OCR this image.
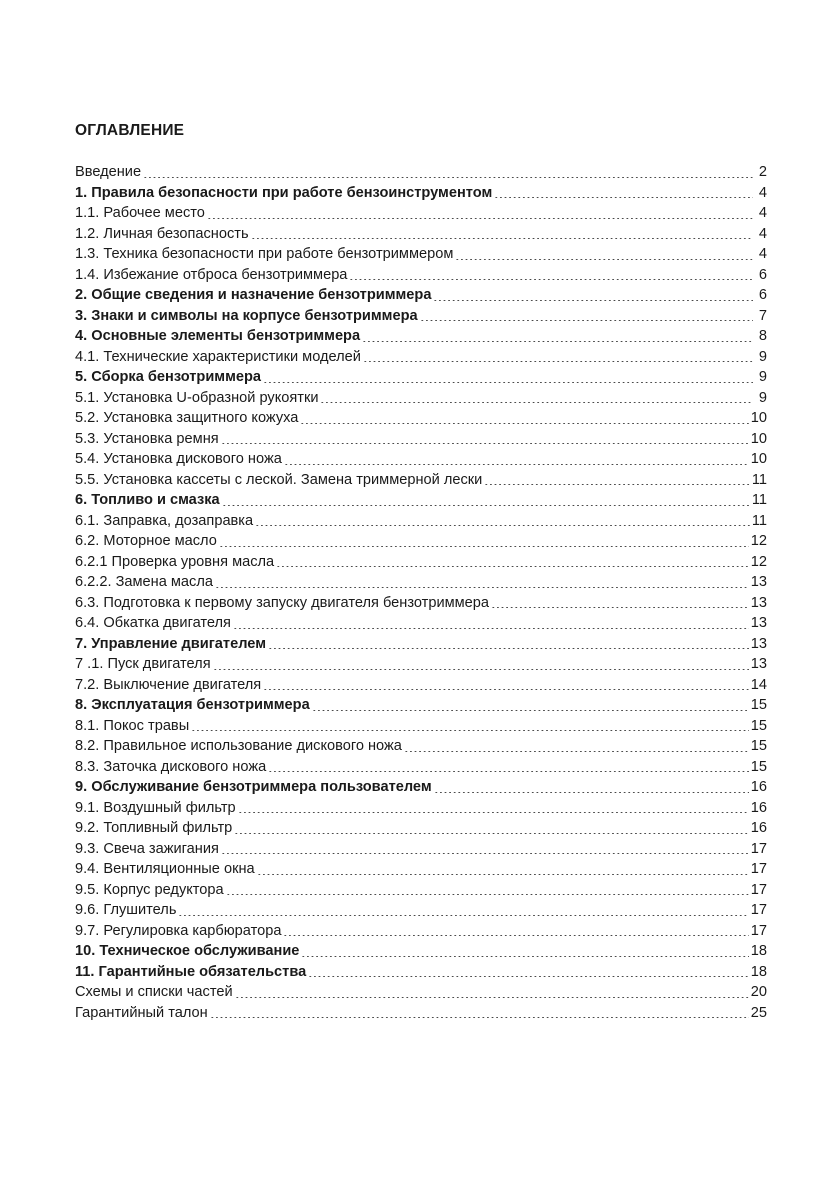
ОГЛАВЛЕНИЕ
Введение	2
1. Правила безопасности при работе бензоинструментом	4
1.1. Рабочее место	4
1.2. Личная безопасность	4
1.3. Техника безопасности при работе бензотриммером	4
1.4. Избежание отброса бензотриммера	6
2. Общие сведения и назначение бензотриммера	6
3. Знаки и символы на корпусе бензотриммера	7
4. Основные элементы бензотриммера	8
4.1. Технические характеристики моделей	9
5. Сборка бензотриммера	9
5.1. Установка U-образной рукоятки	9
5.2. Установка защитного кожуха	10
5.3. Установка ремня	10
5.4. Установка дискового ножа	10
5.5. Установка кассеты с леской. Замена триммерной лески	11
6. Топливо и смазка	11
6.1. Заправка, дозаправка	11
6.2. Моторное масло	12
6.2.1 Проверка уровня масла	12
6.2.2. Замена масла	13
6.3. Подготовка к первому запуску двигателя бензотриммера	13
6.4. Обкатка двигателя	13
7. Управление двигателем	13
7 .1. Пуск двигателя	13
7.2. Выключение двигателя	14
8. Эксплуатация бензотриммера	15
8.1. Покос травы	15
8.2. Правильное использование дискового ножа	15
8.3. Заточка дискового ножа	15
9. Обслуживание бензотриммера пользователем	16
9.1. Воздушный фильтр	16
9.2. Топливный фильтр	16
9.3. Свеча зажигания	17
9.4. Вентиляционные окна	17
9.5. Корпус редуктора	17
9.6. Глушитель	17
9.7. Регулировка карбюратора	17
10. Техническое обслуживание	18
11. Гарантийные обязательства	18
Схемы и списки частей	20
Гарантийный талон	25
